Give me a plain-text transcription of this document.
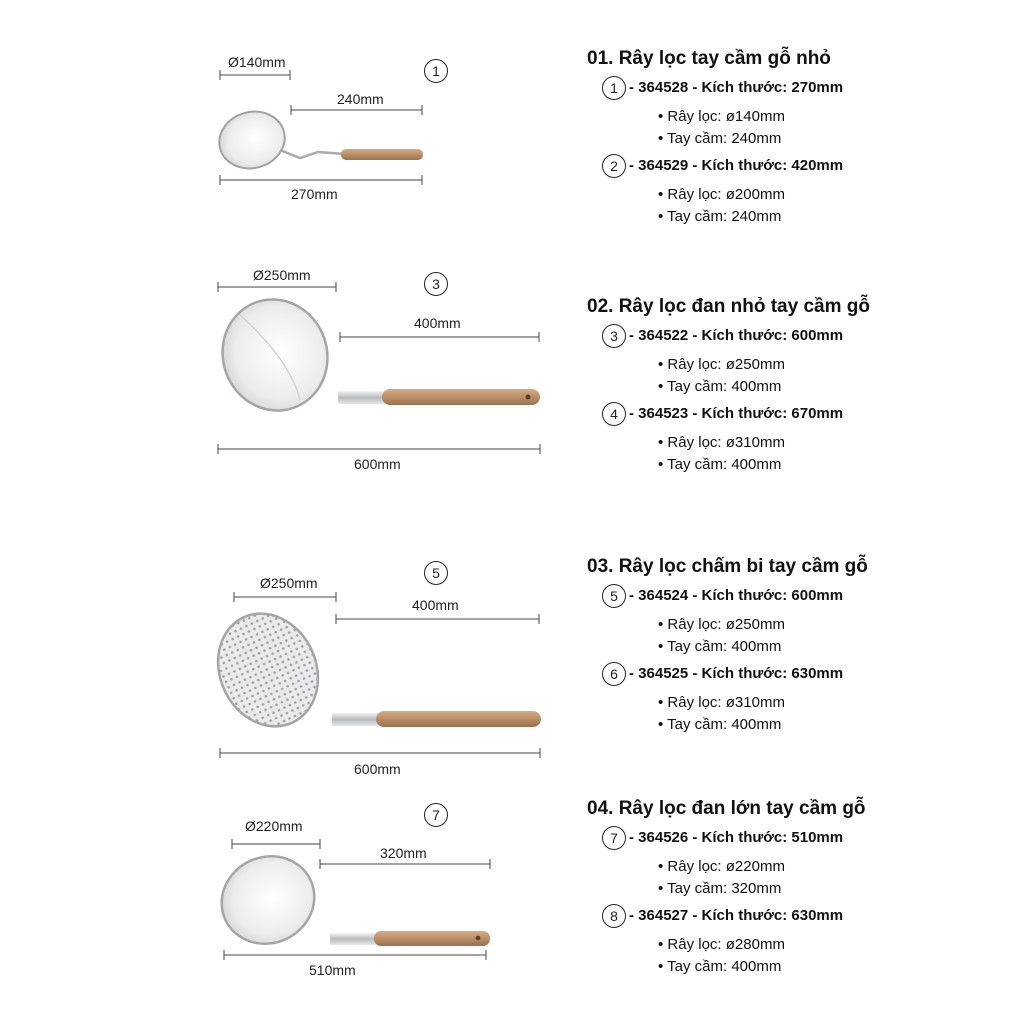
Ø140mm
240mm
270mm
1
Ø250mm
400mm
600mm
3
Ø250mm
400mm
600mm
5
Ø220mm
320mm
510mm
7
01. Rây lọc tay cầm gỗ nhỏ
1 - 364528 - Kích thước: 270mm
• Rây lọc: ø140mm
• Tay cầm: 240mm
2 - 364529 - Kích thước: 420mm
• Rây lọc: ø200mm
• Tay cầm: 240mm
02. Rây lọc đan nhỏ tay cầm gỗ
3 - 364522 - Kích thước: 600mm
• Rây lọc: ø250mm
• Tay cầm: 400mm
4 - 364523 - Kích thước: 670mm
• Rây lọc: ø310mm
• Tay cầm: 400mm
03. Rây lọc chấm bi tay cầm gỗ
5 - 364524 - Kích thước: 600mm
• Rây lọc: ø250mm
• Tay cầm: 400mm
6 - 364525 - Kích thước: 630mm
• Rây lọc: ø310mm
• Tay cầm: 400mm
04. Rây lọc đan lớn tay cầm gỗ
7 - 364526 - Kích thước: 510mm
• Rây lọc: ø220mm
• Tay cầm: 320mm
8 - 364527 - Kích thước: 630mm
• Rây lọc: ø280mm
• Tay cầm: 400mm
